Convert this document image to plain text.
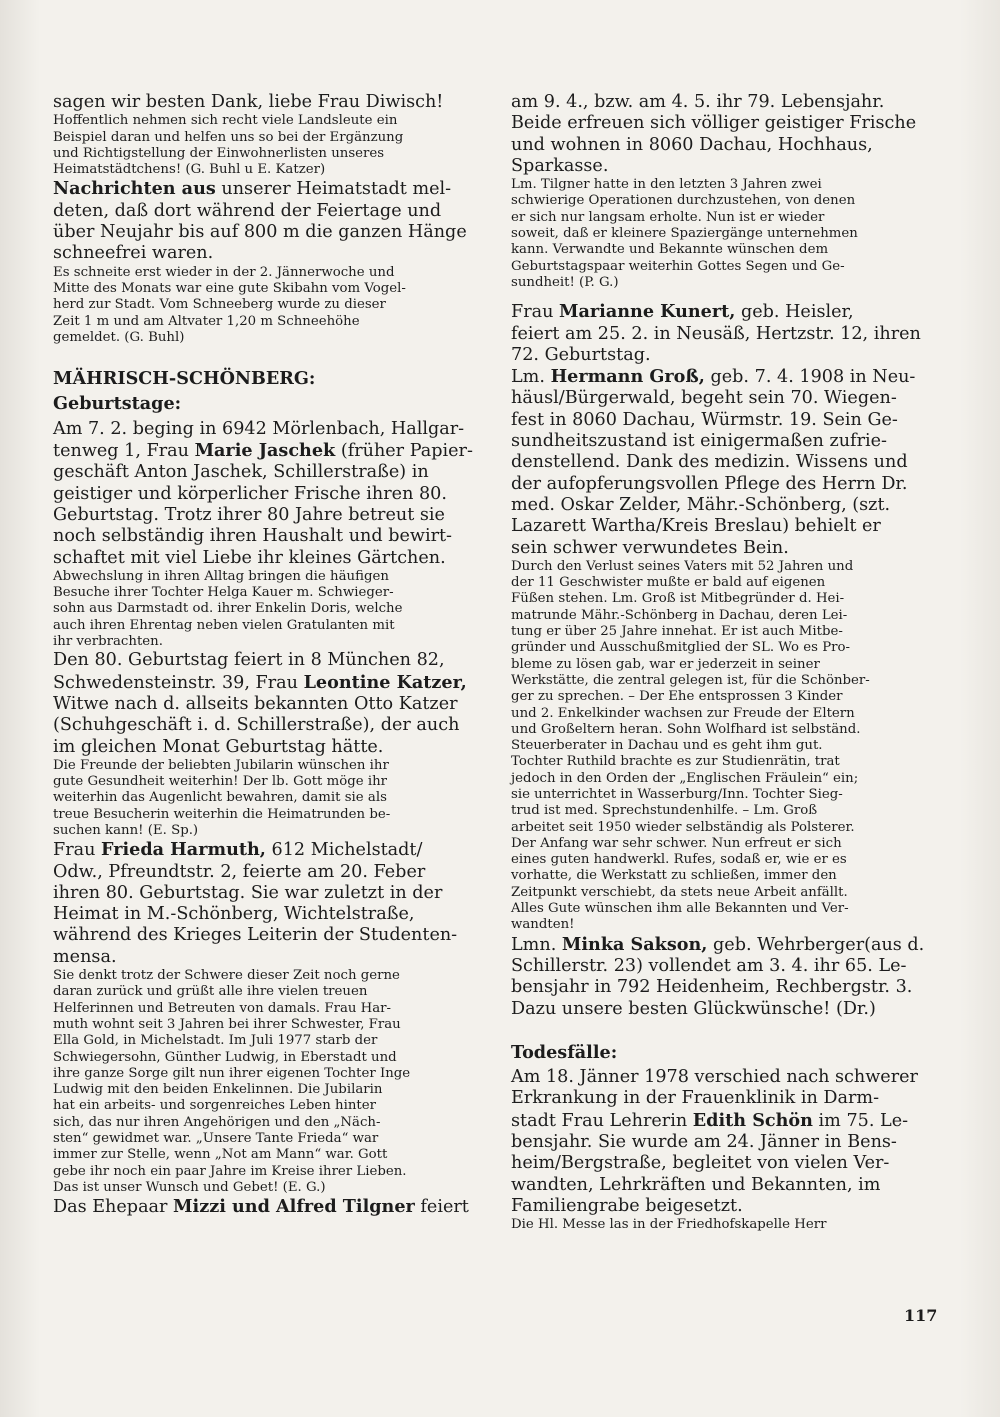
sagen wir besten Dank, liebe Frau Diwisch!

Hoffentlich nehmen sich recht viele Landsleute ein
Beispiel daran und helfen uns so bei der Ergänzung
und Richtigstellung der Einwohnerlisten unseres
Heimatstädtchens! (G. Buhl u E. Katzer)

Nachrichten aus unserer Heimatstadt mel-
deten, daß dort während der Feiertage und
über Neujahr bis auf 800 m die ganzen Hänge
schneefrei waren.

Es schneite erst wieder in der 2. Jännerwoche und
Mitte des Monats war eine gute Skibahn vom Vogel-
herd zur Stadt. Vom Schneeberg wurde zu dieser
Zeit 1 m und am Altvater 1,20 m Schneehöhe
gemeldet. (G. Buhl)

MÄHRISCH-SCHÖNBERG:

Geburtstage:

Am 7. 2. beging in 6942 Mörlenbach, Hallgar-
tenweg 1, Frau Marie Jaschek (früher Papier-
geschäft Anton Jaschek, Schillerstraße) in
geistiger und körperlicher Frische ihren 80.
Geburtstag. Trotz ihrer 80 Jahre betreut sie
noch selbständig ihren Haushalt und bewirt-
schaftet mit viel Liebe ihr kleines Gärtchen.

Abwechslung in ihren Alltag bringen die häufigen
Besuche ihrer Tochter Helga Kauer m. Schwieger-
sohn aus Darmstadt od. ihrer Enkelin Doris, welche
auch ihren Ehrentag neben vielen Gratulanten mit
ihr verbrachten.

Den 80. Geburtstag feiert in 8 München 82,
Schwedensteinstr. 39, Frau Leontine Katzer,
Witwe nach d. allseits bekannten Otto Katzer
(Schuhgeschäft i. d. Schillerstraße), der auch
im gleichen Monat Geburtstag hätte.

Die Freunde der beliebten Jubilarin wünschen ihr
gute Gesundheit weiterhin! Der lb. Gott möge ihr
weiterhin das Augenlicht bewahren, damit sie als
treue Besucherin weiterhin die Heimatrunden be-
suchen kann! (E. Sp.)

Frau Frieda Harmuth, 612 Michelstadt/
Odw., Pfreundtstr. 2, feierte am 20. Feber
ihren 80. Geburtstag. Sie war zuletzt in der
Heimat in M.-Schönberg, Wichtelstraße,
während des Krieges Leiterin der Studenten-
mensa.

Sie denkt trotz der Schwere dieser Zeit noch gerne
daran zurück und grüßt alle ihre vielen treuen
Helferinnen und Betreuten von damals. Frau Har-
muth wohnt seit 3 Jahren bei ihrer Schwester, Frau
Ella Gold, in Michelstadt. Im Juli 1977 starb der
Schwiegersohn, Günther Ludwig, in Eberstadt und
ihre ganze Sorge gilt nun ihrer eigenen Tochter Inge
Ludwig mit den beiden Enkelinnen. Die Jubilarin
hat ein arbeits- und sorgenreiches Leben hinter
sich, das nur ihren Angehörigen und den „Näch-
sten“ gewidmet war. „Unsere Tante Frieda“ war
immer zur Stelle, wenn „Not am Mann“ war. Gott
gebe ihr noch ein paar Jahre im Kreise ihrer Lieben.
Das ist unser Wunsch und Gebet! (E. G.)

Das Ehepaar Mizzi und Alfred Tilgner feiert

am 9. 4., bzw. am 4. 5. ihr 79. Lebensjahr.
Beide erfreuen sich völliger geistiger Frische
und wohnen in 8060 Dachau, Hochhaus,
Sparkasse.

Lm. Tilgner hatte in den letzten 3 Jahren zwei
schwierige Operationen durchzustehen, von denen
er sich nur langsam erholte. Nun ist er wieder
soweit, daß er kleinere Spaziergänge unternehmen
kann. Verwandte und Bekannte wünschen dem
Geburtstagspaar weiterhin Gottes Segen und Ge-
sundheit! (P. G.)

Frau Marianne Kunert, geb. Heisler,
feiert am 25. 2. in Neusäß, Hertzstr. 12, ihren
72. Geburtstag.

Lm. Hermann Groß, geb. 7. 4. 1908 in Neu-
häusl/Bürgerwald, begeht sein 70. Wiegen-
fest in 8060 Dachau, Würmstr. 19. Sein Ge-
sundheitszustand ist einigermaßen zufrie-
denstellend. Dank des medizin. Wissens und
der aufopferungsvollen Pflege des Herrn Dr.
med. Oskar Zelder, Mähr.-Schönberg, (szt.
Lazarett Wartha/Kreis Breslau) behielt er
sein schwer verwundetes Bein.

Durch den Verlust seines Vaters mit 52 Jahren und
der 11 Geschwister mußte er bald auf eigenen
Füßen stehen. Lm. Groß ist Mitbegründer d. Hei-
matrunde Mähr.-Schönberg in Dachau, deren Lei-
tung er über 25 Jahre innehat. Er ist auch Mitbe-
gründer und Ausschußmitglied der SL. Wo es Pro-
bleme zu lösen gab, war er jederzeit in seiner
Werkstätte, die zentral gelegen ist, für die Schönber-
ger zu sprechen. – Der Ehe entsprossen 3 Kinder
und 2. Enkelkinder wachsen zur Freude der Eltern
und Großeltern heran. Sohn Wolfhard ist selbständ.
Steuerberater in Dachau und es geht ihm gut.
Tochter Ruthild brachte es zur Studienrätin, trat
jedoch in den Orden der „Englischen Fräulein“ ein;
sie unterrichtet in Wasserburg/Inn. Tochter Sieg-
trud ist med. Sprechstundenhilfe. – Lm. Groß
arbeitet seit 1950 wieder selbständig als Polsterer.
Der Anfang war sehr schwer. Nun erfreut er sich
eines guten handwerkl. Rufes, sodaß er, wie er es
vorhatte, die Werkstatt zu schließen, immer den
Zeitpunkt verschiebt, da stets neue Arbeit anfällt.
Alles Gute wünschen ihm alle Bekannten und Ver-
wandten!

Lmn. Minka Sakson, geb. Wehrberger(aus d.
Schillerstr. 23) vollendet am 3. 4. ihr 65. Le-
bensjahr in 792 Heidenheim, Rechbergstr. 3.
Dazu unsere besten Glückwünsche! (Dr.)

Todesfälle:

Am 18. Jänner 1978 verschied nach schwerer
Erkrankung in der Frauenklinik in Darm-
stadt Frau Lehrerin Edith Schön im 75. Le-
bensjahr. Sie wurde am 24. Jänner in Bens-
heim/Bergstraße, begleitet von vielen Ver-
wandten, Lehrkräften und Bekannten, im
Familiengrabe beigesetzt.

Die Hl. Messe las in der Friedhofskapelle Herr

117
